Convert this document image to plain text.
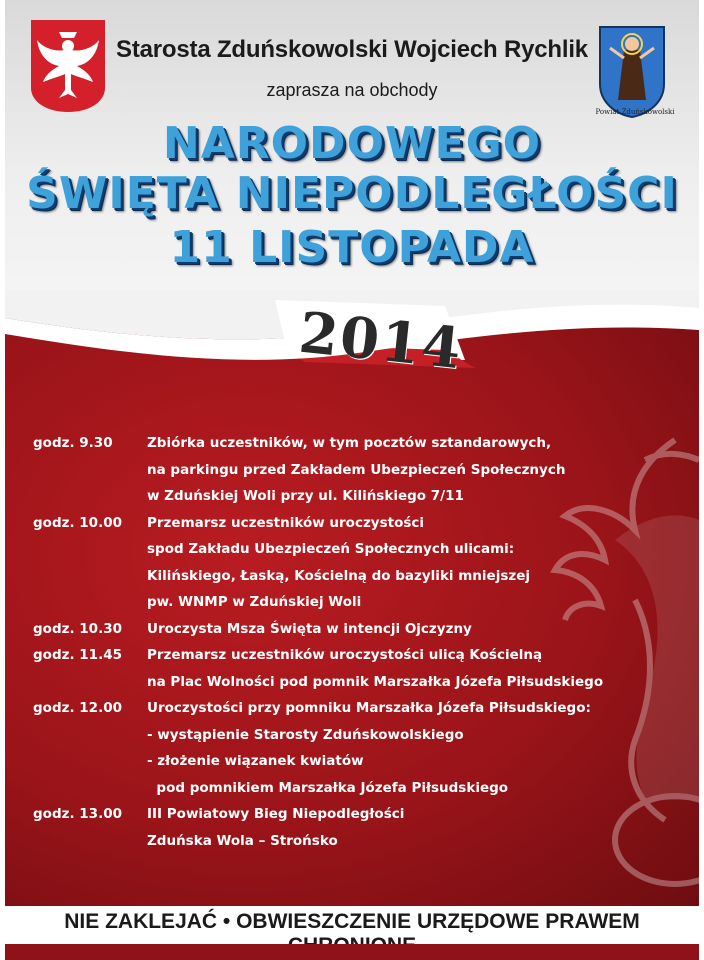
Powiat Zduńskowolski
Starosta Zduńskowolski Wojciech Rychlik
zaprasza na obchody
NARODOWEGO
ŚWIĘTA NIEPODLEGŁOŚCI
11 LISTOPADA
2014
godz. 9.30	Zbiórka uczestników, w tym pocztów sztandarowych,
na parkingu przed Zakładem Ubezpieczeń Społecznych
w Zduńskiej Woli przy ul. Kilińskiego 7/11
godz. 10.00	Przemarsz uczestników uroczystości
spod Zakładu Ubezpieczeń Społecznych ulicami:
Kilińskiego, Łaską, Kościelną do bazyliki mniejszej
pw. WNMP w Zduńskiej Woli
godz. 10.30	Uroczysta Msza Święta w intencji Ojczyzny
godz. 11.45	Przemarsz uczestników uroczystości ulicą Kościelną
na Plac Wolności pod pomnik Marszałka Józefa Piłsudskiego
godz. 12.00	Uroczystości przy pomniku Marszałka Józefa Piłsudskiego:
- wystąpienie Starosty Zduńskowolskiego
- złożenie wiązanek kwiatów
pod pomnikiem Marszałka Józefa Piłsudskiego
godz. 13.00	III Powiatowy Bieg Niepodległości
Zduńska Wola – Strońsko
NIE ZAKLEJAĆ • OBWIESZCZENIE URZĘDOWE PRAWEM
